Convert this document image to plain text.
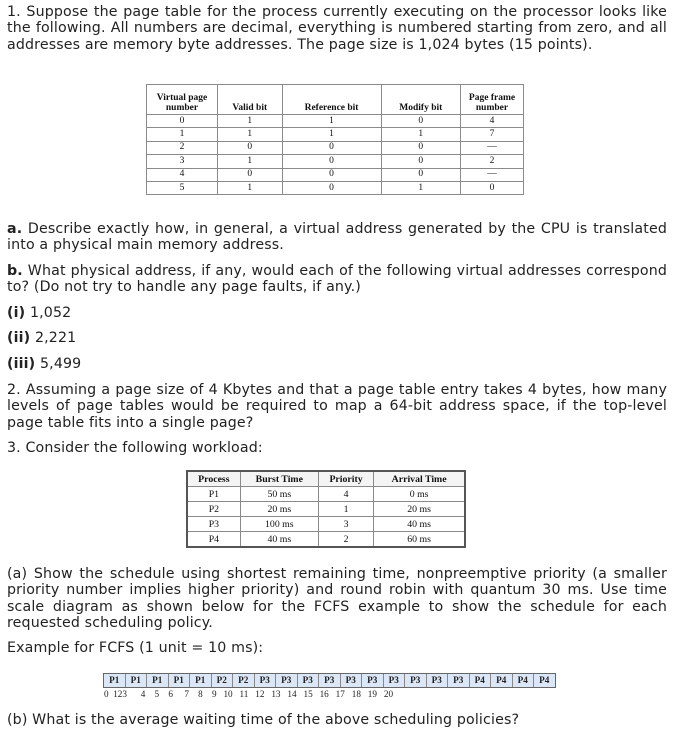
1. Suppose the page table for the process currently executing on the processor looks like the following. All numbers are decimal, everything is numbered starting from zero, and all addresses are memory byte addresses. The page size is 1,024 bytes (15 points).
Virtual page number	Valid bit	Reference bit	Modify bit	Page frame number
0	1	1	0	4
1	1	1	1	7
2	0	0	0	—
3	1	0	0	2
4	0	0	0	—
5	1	0	1	0
a. Describe exactly how, in general, a virtual address generated by the CPU is translated into a physical main memory address.
b. What physical address, if any, would each of the following virtual addresses correspond to? (Do not try to handle any page faults, if any.)
(i) 1,052
(ii) 2,221
(iii) 5,499
2. Assuming a page size of 4 Kbytes and that a page table entry takes 4 bytes, how many levels of page tables would be required to map a 64-bit address space, if the top-level page table fits into a single page?
3. Consider the following workload:
Process	Burst Time	Priority	Arrival Time
P1	50 ms	4	0 ms
P2	20 ms	1	20 ms
P3	100 ms	3	40 ms
P4	40 ms	2	60 ms
(a) Show the schedule using shortest remaining time, nonpreemptive priority (a smaller priority number implies higher priority) and round robin with quantum 30 ms. Use time scale diagram as shown below for the FCFS example to show the schedule for each requested scheduling policy.
Example for FCFS (1 unit = 10 ms):
P1	P1	P1	P1	P1	P2	P2	P3	P3	P3	P3	P3	P3	P3	P3	P3	P3	P4	P4	P4	P4
0  123      4    5    6     7    8    9   10   11   12   13   14   15   16   17   18   19   20
(b) What is the average waiting time of the above scheduling policies?
